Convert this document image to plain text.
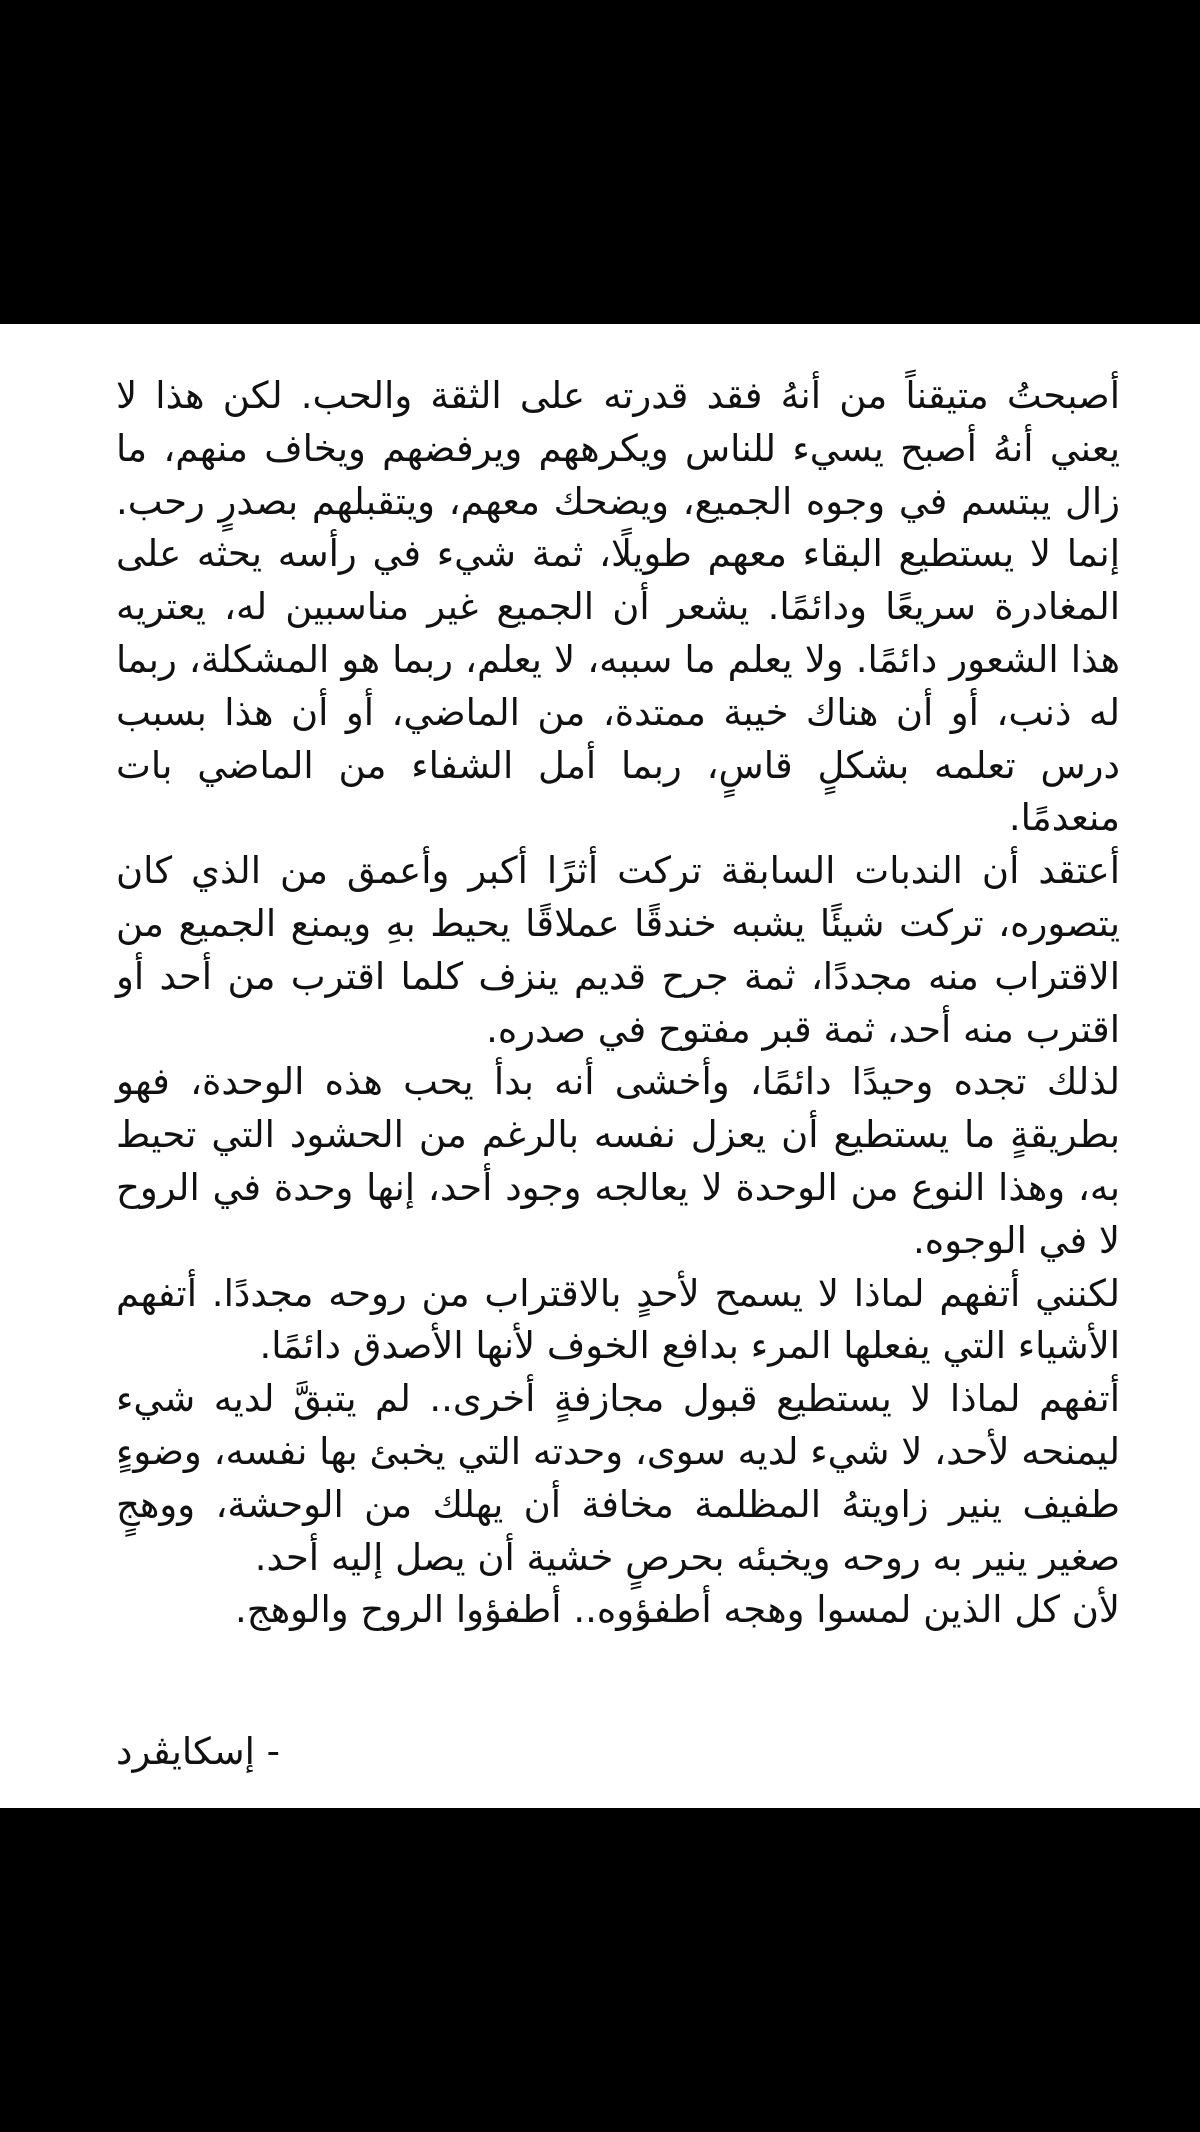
أصبحتُ متيقناً من أنهُ فقد قدرته على الثقة والحب. لكن هذا لا يعني أنهُ أصبح يسيء للناس ويكرههم ويرفضهم ويخاف منهم، ما زال يبتسم في وجوه الجميع، ويضحك معهم، ويتقبلهم بصدرٍ رحب. إنما لا يستطيع البقاء معهم طويلًا، ثمة شيء في رأسه يحثه على المغادرة سريعًا ودائمًا. يشعر أن الجميع غير مناسبين له، يعتريه هذا الشعور دائمًا. ولا يعلم ما سببه، لا يعلم، ربما هو المشكلة، ربما له ذنب، أو أن هناك خيبة ممتدة، من الماضي، أو أن هذا بسبب درس تعلمه بشكلٍ قاسٍ، ربما أمل الشفاء من الماضي بات منعدمًا.

أعتقد أن الندبات السابقة تركت أثرًا أكبر وأعمق من الذي كان يتصوره، تركت شيئًا يشبه خندقًا عملاقًا يحيط بهِ ويمنع الجميع من الاقتراب منه مجددًا، ثمة جرح قديم ينزف كلما اقترب من أحد أو اقترب منه أحد، ثمة قبر مفتوح في صدره.

لذلك تجده وحيدًا دائمًا، وأخشى أنه بدأ يحب هذه الوحدة، فهو بطريقةٍ ما يستطيع أن يعزل نفسه بالرغم من الحشود التي تحيط به، وهذا النوع من الوحدة لا يعالجه وجود أحد، إنها وحدة في الروح لا في الوجوه.

لكنني أتفهم لماذا لا يسمح لأحدٍ بالاقتراب من روحه مجددًا. أتفهم الأشياء التي يفعلها المرء بدافع الخوف لأنها الأصدق دائمًا.

أتفهم لماذا لا يستطيع قبول مجازفةٍ أخرى.. لم يتبقَّ لديه شيء ليمنحه لأحد، لا شيء لديه سوى، وحدته التي يخبئ بها نفسه، وضوءٍ طفيف ينير زاويتهُ المظلمة مخافة أن يهلك من الوحشة، ووهجٍ صغير ينير به روحه ويخبئه بحرصٍ خشية أن يصل إليه أحد.

لأن كل الذين لمسوا وهجه أطفؤوه.. أطفؤوا الروح والوهج.

- إسكايڤرد
